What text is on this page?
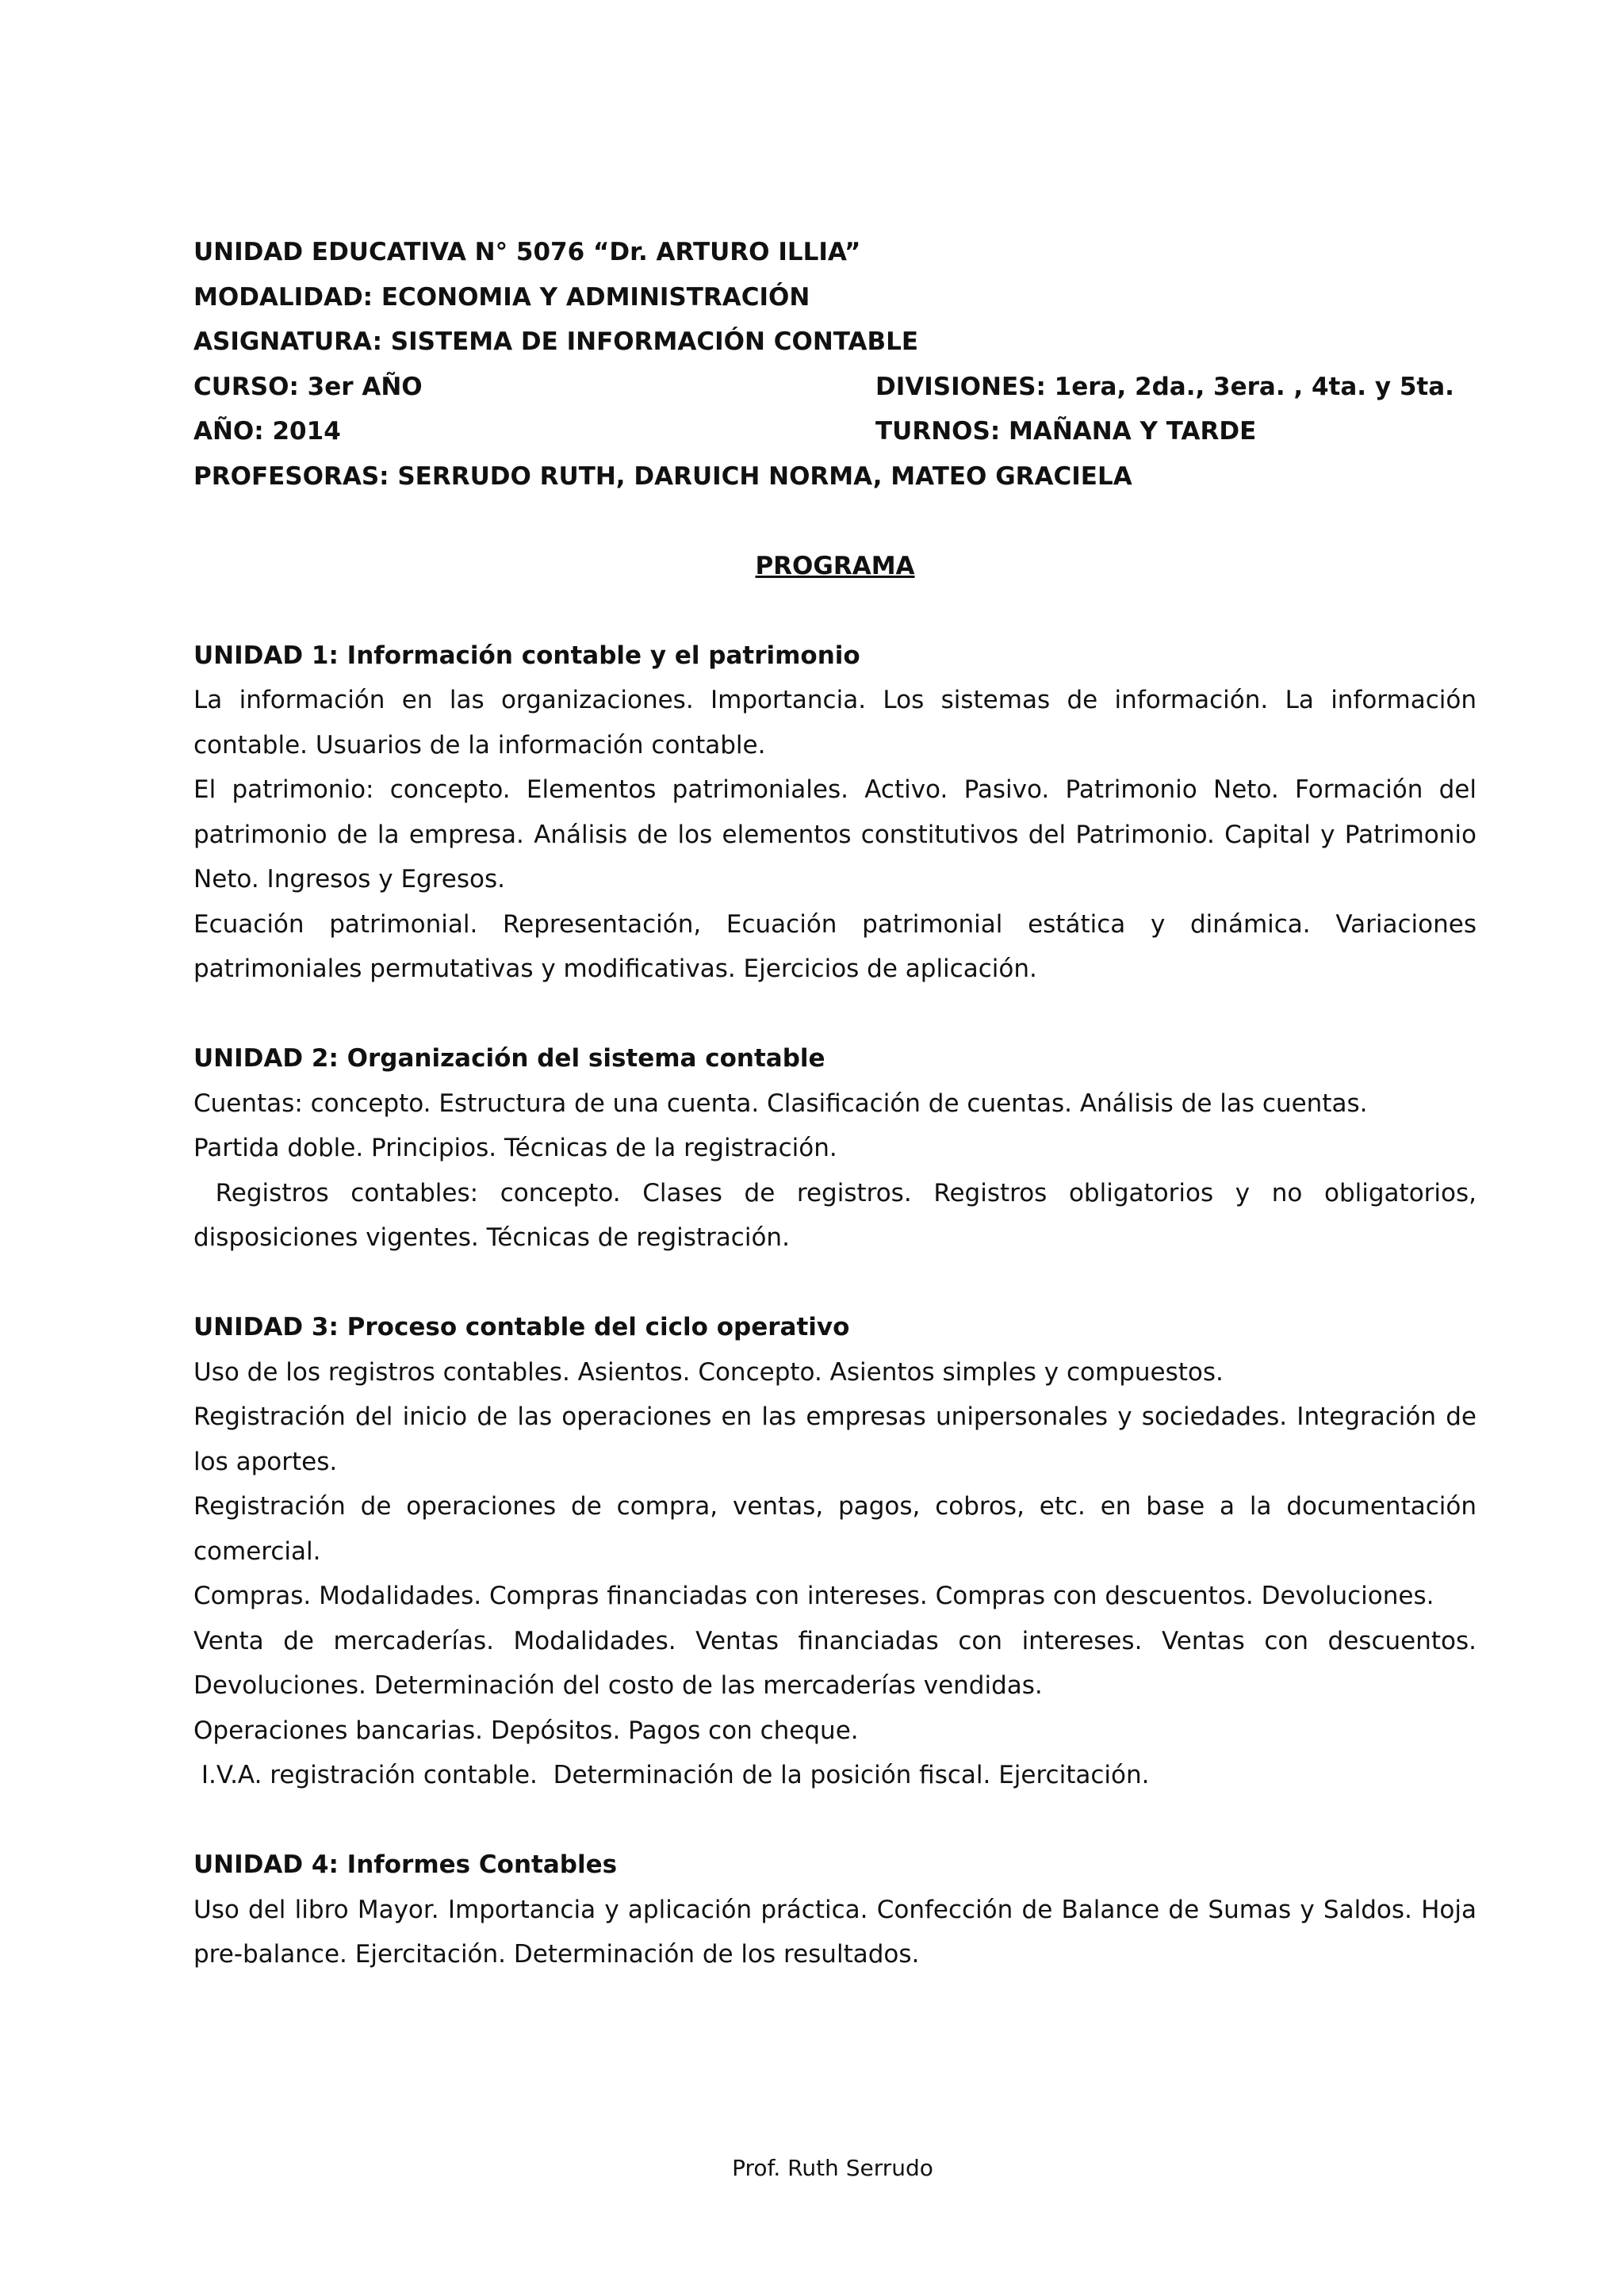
UNIDAD EDUCATIVA N° 5076 “Dr. ARTURO ILLIA”

MODALIDAD: ECONOMIA Y ADMINISTRACIÓN

ASIGNATURA: SISTEMA DE INFORMACIÓN CONTABLE

CURSO: 3er AÑO	DIVISIONES: 1era, 2da., 3era. , 4ta. y 5ta.
AÑO: 2014	TURNOS: MAÑANA Y TARDE

PROFESORAS: SERRUDO RUTH, DARUICH NORMA, MATEO GRACIELA

PROGRAMA

UNIDAD 1: Información contable y el patrimonio

La información en las organizaciones. Importancia. Los sistemas de información. La información contable. Usuarios de la información contable.

El patrimonio: concepto. Elementos patrimoniales. Activo. Pasivo. Patrimonio Neto. Formación del patrimonio de la empresa. Análisis de los elementos constitutivos del Patrimonio. Capital y Patrimonio Neto. Ingresos y Egresos.

Ecuación patrimonial. Representación, Ecuación patrimonial estática y dinámica. Variaciones patrimoniales permutativas y modificativas. Ejercicios de aplicación.

UNIDAD 2: Organización del sistema contable

Cuentas: concepto. Estructura de una cuenta. Clasificación de cuentas. Análisis de las cuentas.

Partida doble. Principios. Técnicas de la registración.

Registros contables: concepto. Clases de registros. Registros obligatorios y no obligatorios, disposiciones vigentes. Técnicas de registración.

UNIDAD 3: Proceso contable del ciclo operativo

Uso de los registros contables. Asientos. Concepto. Asientos simples y compuestos.

Registración del inicio de las operaciones en las empresas unipersonales y sociedades. Integración de los aportes.

Registración de operaciones de compra, ventas, pagos, cobros, etc. en base a la documentación comercial.

Compras. Modalidades. Compras financiadas con intereses. Compras con descuentos. Devoluciones.

Venta de mercaderías. Modalidades. Ventas financiadas con intereses. Ventas con descuentos. Devoluciones. Determinación del costo de las mercaderías vendidas.

Operaciones bancarias. Depósitos. Pagos con cheque.

I.V.A. registración contable.  Determinación de la posición fiscal. Ejercitación.

UNIDAD 4: Informes Contables

Uso del libro Mayor. Importancia y aplicación práctica. Confección de Balance de Sumas y Saldos. Hoja pre-balance. Ejercitación. Determinación de los resultados.

Prof. Ruth Serrudo
